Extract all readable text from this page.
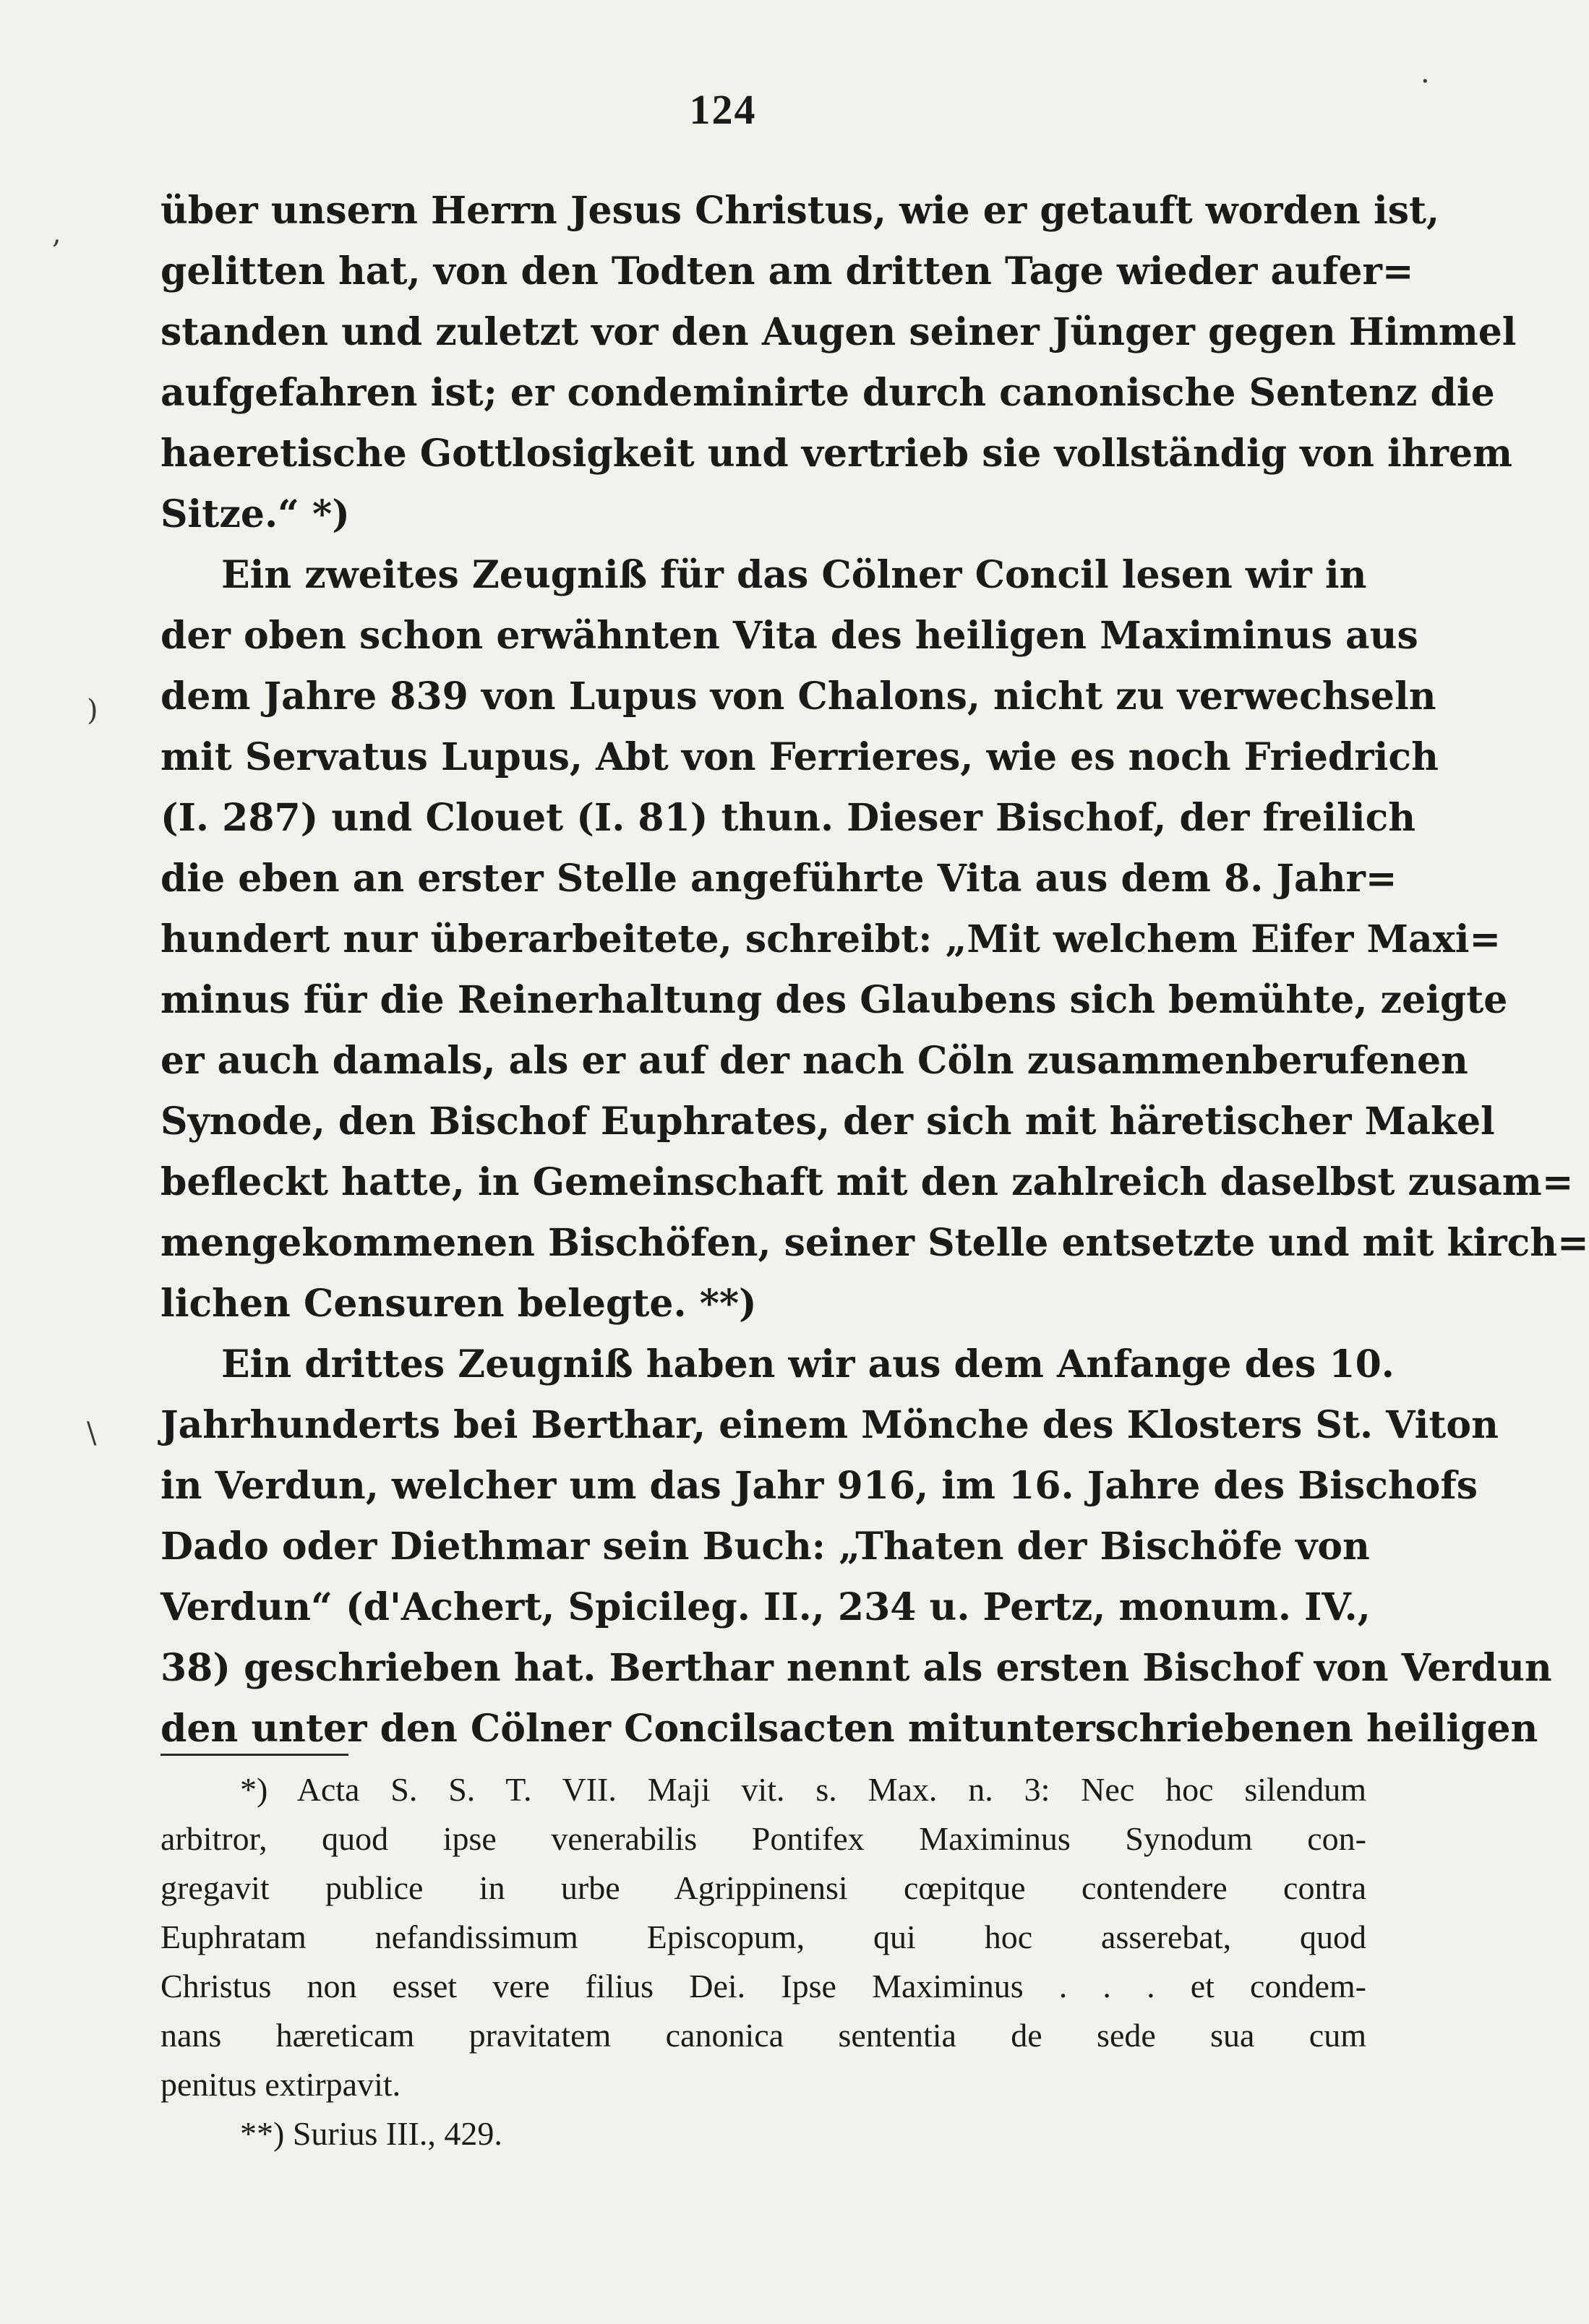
124
über unsern Herrn Jesus Christus, wie er getauft worden ist,
gelitten hat, von den Todten am dritten Tage wieder aufer=
standen und zuletzt vor den Augen seiner Jünger gegen Himmel
aufgefahren ist; er condeminirte durch canonische Sentenz die
haeretische Gottlosigkeit und vertrieb sie vollständig von ihrem
Sitze.“ *)
Ein zweites Zeugniß für das Cölner Concil lesen wir in
der oben schon erwähnten Vita des heiligen Maximinus aus
dem Jahre 839 von Lupus von Chalons, nicht zu verwechseln
mit Servatus Lupus, Abt von Ferrieres, wie es noch Friedrich
(I. 287) und Clouet (I. 81) thun. Dieser Bischof, der freilich
die eben an erster Stelle angeführte Vita aus dem 8. Jahr=
hundert nur überarbeitete, schreibt: „Mit welchem Eifer Maxi=
minus für die Reinerhaltung des Glaubens sich bemühte, zeigte
er auch damals, als er auf der nach Cöln zusammenberufenen
Synode, den Bischof Euphrates, der sich mit häretischer Makel
befleckt hatte, in Gemeinschaft mit den zahlreich daselbst zusam=
mengekommenen Bischöfen, seiner Stelle entsetzte und mit kirch=
lichen Censuren belegte. **)
Ein drittes Zeugniß haben wir aus dem Anfange des 10.
Jahrhunderts bei Berthar, einem Mönche des Klosters St. Viton
in Verdun, welcher um das Jahr 916, im 16. Jahre des Bischofs
Dado oder Diethmar sein Buch: „Thaten der Bischöfe von
Verdun“ (d'Achert, Spicileg. II., 234 u. Pertz, monum. IV.,
38) geschrieben hat. Berthar nennt als ersten Bischof von Verdun
den unter den Cölner Concilsacten mitunterschriebenen heiligen
*) Acta S. S. T. VII. Maji vit. s. Max. n. 3: Nec hoc silendum
arbitror, quod ipse venerabilis Pontifex Maximinus Synodum con-
gregavit publice in urbe Agrippinensi cœpitque contendere contra
Euphratam nefandissimum Episcopum, qui hoc asserebat, quod
Christus non esset vere filius Dei. Ipse Maximinus . . . et condem-
nans hæreticam pravitatem canonica sententia de sede sua cum
penitus extirpavit.
**) Surius III., 429.
,
)
\
·
